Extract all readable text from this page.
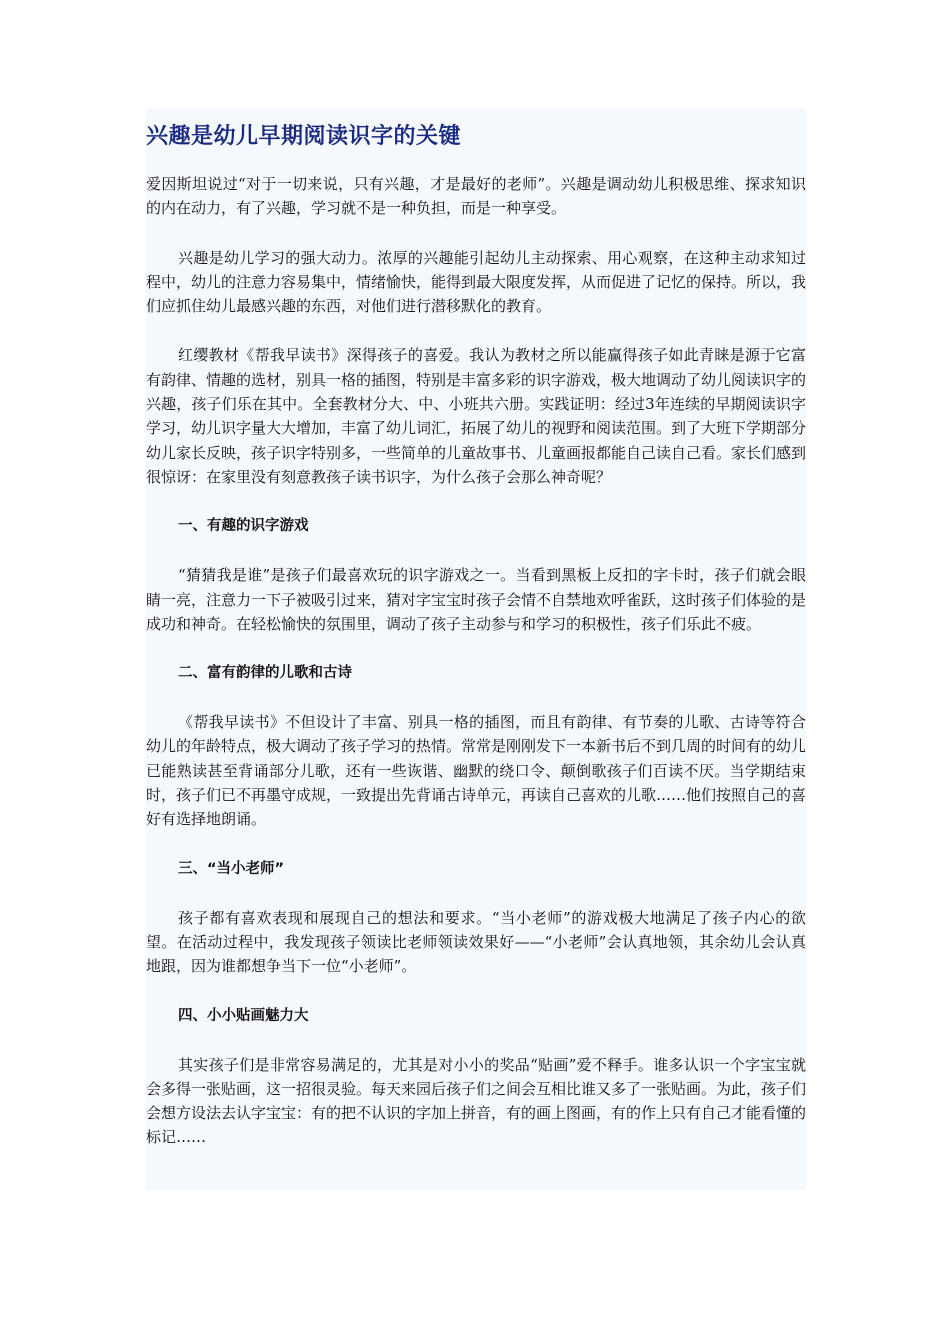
兴趣是幼儿早期阅读识字的关键

爱因斯坦说过“对于一切来说，只有兴趣，才是最好的老师”。兴趣是调动幼儿积极思维、探求知识的内在动力，有了兴趣，学习就不是一种负担，而是一种享受。

兴趣是幼儿学习的强大动力。浓厚的兴趣能引起幼儿主动探索、用心观察，在这种主动求知过程中，幼儿的注意力容易集中，情绪愉快，能得到最大限度发挥，从而促进了记忆的保持。所以，我们应抓住幼儿最感兴趣的东西，对他们进行潜移默化的教育。

红缨教材《帮我早读书》深得孩子的喜爱。我认为教材之所以能赢得孩子如此青睐是源于它富有韵律、情趣的选材，别具一格的插图，特别是丰富多彩的识字游戏，极大地调动了幼儿阅读识字的兴趣，孩子们乐在其中。全套教材分大、中、小班共六册。实践证明：经过3年连续的早期阅读识字学习，幼儿识字量大大增加，丰富了幼儿词汇，拓展了幼儿的视野和阅读范围。到了大班下学期部分幼儿家长反映，孩子识字特别多，一些简单的儿童故事书、儿童画报都能自己读自己看。家长们感到很惊讶：在家里没有刻意教孩子读书识字，为什么孩子会那么神奇呢？

一、有趣的识字游戏

“猜猜我是谁”是孩子们最喜欢玩的识字游戏之一。当看到黑板上反扣的字卡时，孩子们就会眼睛一亮，注意力一下子被吸引过来，猜对字宝宝时孩子会情不自禁地欢呼雀跃，这时孩子们体验的是成功和神奇。在轻松愉快的氛围里，调动了孩子主动参与和学习的积极性，孩子们乐此不疲。

二、富有韵律的儿歌和古诗

《帮我早读书》不但设计了丰富、别具一格的插图，而且有韵律、有节奏的儿歌、古诗等符合幼儿的年龄特点，极大调动了孩子学习的热情。常常是刚刚发下一本新书后不到几周的时间有的幼儿已能熟读甚至背诵部分儿歌，还有一些诙谐、幽默的绕口令、颠倒歌孩子们百读不厌。当学期结束时，孩子们已不再墨守成规，一致提出先背诵古诗单元，再读自己喜欢的儿歌……他们按照自己的喜好有选择地朗诵。

三、“当小老师”

孩子都有喜欢表现和展现自己的想法和要求。“当小老师”的游戏极大地满足了孩子内心的欲望。在活动过程中，我发现孩子领读比老师领读效果好——“小老师”会认真地领，其余幼儿会认真地跟，因为谁都想争当下一位“小老师”。

四、小小贴画魅力大

其实孩子们是非常容易满足的，尤其是对小小的奖品“贴画”爱不释手。谁多认识一个字宝宝就会多得一张贴画，这一招很灵验。每天来园后孩子们之间会互相比谁又多了一张贴画。为此，孩子们会想方设法去认字宝宝：有的把不认识的字加上拼音，有的画上图画，有的作上只有自己才能看懂的标记……
